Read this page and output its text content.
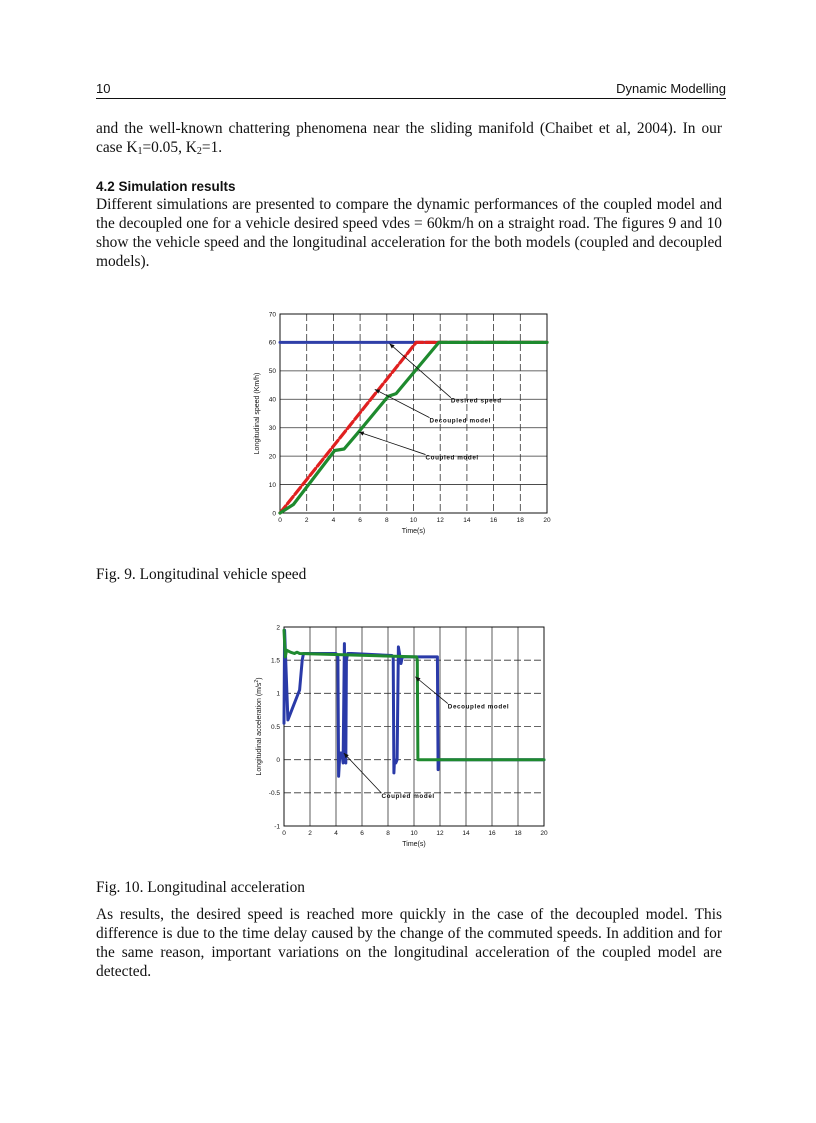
10	Dynamic Modelling

and the well-known chattering phenomena near the sliding manifold (Chaibet et al, 2004). In our case $K_1=0.05$, $K_2=1$.

4.2 Simulation results

Different simulations are presented to compare the dynamic performances of the coupled model and the decoupled one for a vehicle desired speed vdes = 60km/h on a straight road. The figures 9 and 10 show the vehicle speed and the longitudinal acceleration for the both models (coupled and decoupled models).

0	2	4	6	8	10	12	14	16	18	20
0
10
20
30
40
50
60
70
Time(s)
Longitudinal speed (Km/h)	Desired speed
Decoupled model
Coupled model
0	2	4	6	8	10	12	14	16	18	20
-1
-0.5
0
0.5
1
1.5
2
Time(s)
Longitudinal acceleration $(m/s^2)$
Decoupled model
Coupled model

Fig. 9. Longitudinal vehicle speed

Fig. 10. Longitudinal acceleration

As results, the desired speed is reached more quickly in the case of the decoupled model. This difference is due to the time delay caused by the change of the commuted speeds. In addition and for the same reason, important variations on the longitudinal acceleration of the coupled model are detected.
